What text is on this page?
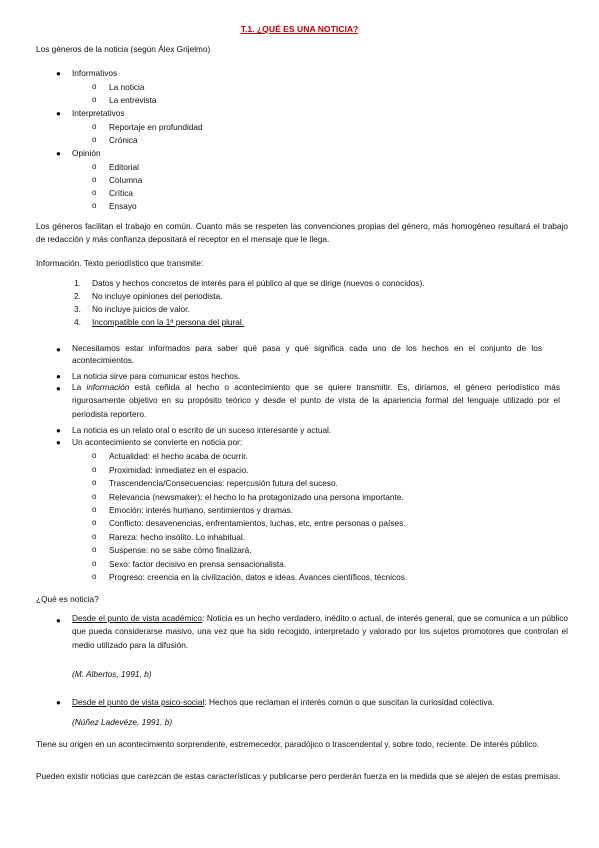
T.1. ¿QUÉ ES UNA NOTICIA?
Los géneros de la noticia (según Álex Grijelmo)
● Informativos
o La noticia
o La entrevista
● Interpretativos
o Reportaje en profundidad
o Crónica
● Opinión
o Editorial
o Columna
o Crítica
o Ensayo
Los géneros facilitan el trabajo en común. Cuanto más se respeten las convenciones propias del género, más homogéneo resultará el trabajo de redacción y más confianza depositará el receptor en el mensaje que le llega.
Información. Texto periodístico que transmite:
1. Datos y hechos concretos de interés para el público al que se dirige (nuevos o conocidos).
2. No incluye opiniones del periodista.
3. No incluye juicios de valor.
4. Incompatible con la 1ª persona del plural.
● Necesitamos estar informados para saber qué pasa y qué significa cada uno de los hechos en el conjunto de los acontecimientos.
● La noticia sirve para comunicar estos hechos.
● La información está ceñida al hecho o acontecimiento que se quiere transmitir. Es, diríamos, el género periodístico más rigurosamente objetivo en su propósito teórico y desde el punto de vista de la apariencia formal del lenguaje utilizado por el periodista reportero.
● La noticia es un relato oral o escrito de un suceso interesante y actual.
● Un acontecimiento se convierte en noticia por:
o Actualidad: el hecho acaba de ocurrir.
o Proximidad: inmediatez en el espacio.
o Trascendencia/Consecuencias: repercusión futura del suceso.
o Relevancia (newsmaker): el hecho lo ha protagonizado una persona importante.
o Emoción: interés humano, sentimientos y dramas.
o Conflicto: desavenencias, enfrentamientos, luchas, etc, entre personas o países.
o Rareza: hecho insólito. Lo inhabitual.
o Suspense: no se sabe cómo finalizará.
o Sexo: factor decisivo en prensa sensacionalista.
o Progreso: creencia en la civilización, datos e ideas. Avances científicos, técnicos.
¿Qué es noticia?
● Desde el punto de vista académico: Noticia es un hecho verdadero, inédito o actual, de interés general, que se comunica a un público que pueda considerarse masivo, una vez que ha sido recogido, interpretado y valorado por los sujetos promotores que controlan el medio utilizado para la difusión.
(M. Albertos, 1991, b)
● Desde el punto de vista psico-social: Hechos que reclaman el interés común o que suscitan la curiosidad colectiva.
(Núñez Ladevéze, 1991, b)
Tiene su origen en un acontecimiento sorprendente, estremecedor, paradójico o trascendental y, sobre todo, reciente. De interés público.
Pueden existir noticias que carezcan de estas características y publicarse pero perderán fuerza en la medida que se alejen de estas premisas.
